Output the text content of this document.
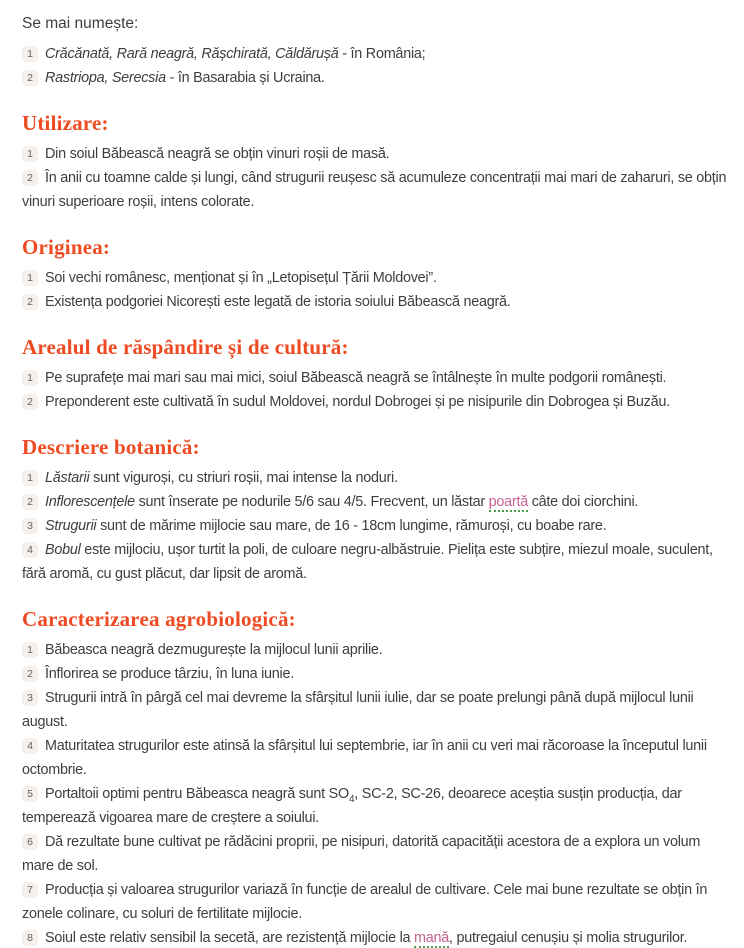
Se mai numește:

1 Crăcănată, Rară neagră, Rășchirată, Căldărușă - în România;
2 Rastriopa, Serecsia - în Basarabia și Ucraina.
Utilizare:
1 Din soiul Băbească neagră se obțin vinuri roșii de masă.
2 În anii cu toamne calde și lungi, când strugurii reușesc să acumuleze concentrații mai mari de zaharuri, se obțin vinuri superioare roșii, intens colorate.
Originea:
1 Soi vechi românesc, menționat și în „Letopisețul Țării Moldovei”.
2 Existența podgoriei Nicorești este legată de istoria soiului Băbească neagră.
Arealul de răspândire și de cultură:
1 Pe suprafețe mai mari sau mai mici, soiul Băbească neagră se întâlnește în multe podgorii românești.
2 Preponderent este cultivată în sudul Moldovei, nordul Dobrogei și pe nisipurile din Dobrogea și Buzău.
Descriere botanică:
1 Lăstarii sunt viguroși, cu striuri roșii, mai intense la noduri.
2 Inflorescențele sunt înserate pe nodurile 5/6 sau 4/5. Frecvent, un lăstar poartă câte doi ciorchini.
3 Strugurii sunt de mărime mijlocie sau mare, de 16 - 18cm lungime, rămuroși, cu boabe rare.
4 Bobul este mijlociu, ușor turtit la poli, de culoare negru-albăstruie. Pielița este subțire, miezul moale, suculent, fără aromă, cu gust plăcut, dar lipsit de aromă.
Caracterizarea agrobiologică:
1 Băbeasca neagră dezmugurește la mijlocul lunii aprilie.
2 Înflorirea se produce târziu, în luna iunie.
3 Strugurii intră în pârgă cel mai devreme la sfârșitul lunii iulie, dar se poate prelungi până după mijlocul lunii august.
4 Maturitatea strugurilor este atinsă la sfârșitul lui septembrie, iar în anii cu veri mai răcoroase la începutul lunii octombrie.
5 Portaltoii optimi pentru Băbeasca neagră sunt $SO_4$, SC-2, SC-26, deoarece aceștia susțin producția, dar temperează vigoarea mare de creștere a soiului.
6 Dă rezultate bune cultivat pe rădăcini proprii, pe nisipuri, datorită capacității acestora de a explora un volum mare de sol.
7 Producția și valoarea strugurilor variază în funcție de arealul de cultivare. Cele mai bune rezultate se obțin în zonele colinare, cu soluri de fertilitate mijlocie.
8 Soiul este relativ sensibil la secetă, are rezistență mijlocie la mană, putregaiul cenușiu și molia strugurilor.
